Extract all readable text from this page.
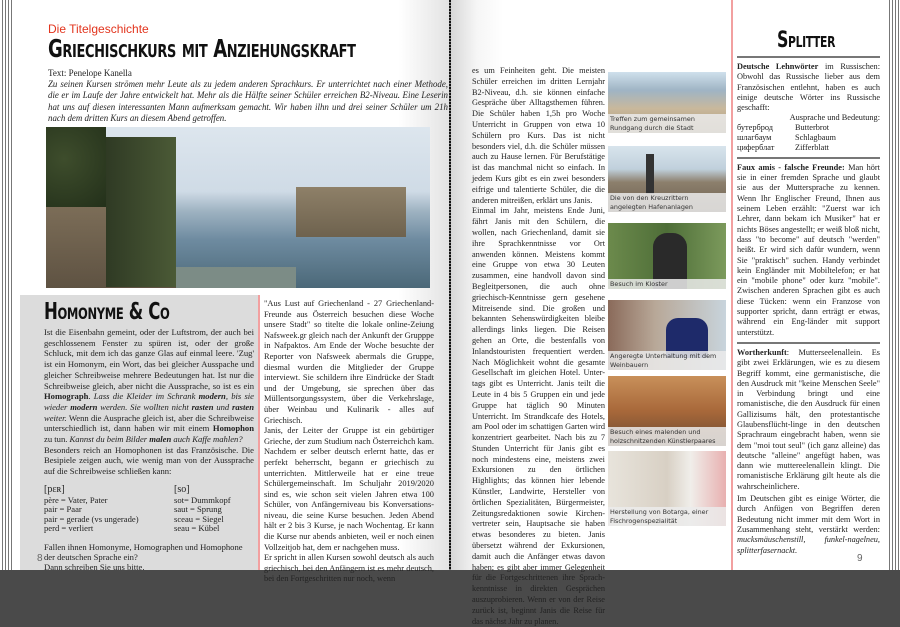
Die Titelgeschichte
Griechischkurs mit Anziehungskraft
Text: Penelope Kanella
Zu seinen Kursen strömen mehr Leute als zu jedem anderen Sprachkurs. Er unterrichtet nach einer Methode, die er im Laufe der Jahre entwickelt hat. Mehr als die Hälfte seiner Schüler erreichen B2-Niveau. Eine Leserin hat uns auf diesen interessanten Mann aufmerksam gemacht. Wir haben ilhn und drei seiner Schüler um 21h nach dem dritten Kurs an diesem Abend getroffen.
Homonyme & Co
Ist die Eisenbahn gemeint, oder der Luftstrom, der auch bei geschlossenem Fenster zu spüren ist, oder der große Schluck, mit dem ich das ganze Glas auf einmal leere. 'Zug' ist ein Homonym, ein Wort, das bei gleicher Ausspache und gleicher Schreibweise mehrere Bedeutungen hat. Ist nur die Schreibweise gleich, aber nicht die Aussprache, so ist es ein Homograph. Lass die Kleider im Schrank modern, bis sie wieder modern werden. Sie wollten nicht rasten und rasten weiter. Wenn die Ausprache gleich ist, aber die Schreibweise unterschiedlich ist, dann haben wir mit einem Homophon zu tun. Kannst du beim Bilder malen auch Kaffe mahlen?
Besonders reich an Homophonen ist das Französische. Die Besipiele zeigen auch, wie wenig man von der Aussprache auf die Schreibweise schließen kann:
[pɛʀ]
père = Vater, Pater
pair = Paar
pair = gerade (vs ungerade)
perd = verliert
[so]
sot= Dummkopf
saut = Sprung
sceau = Siegel
seau = Kübel
Fallen ihnen Homonyme, Homographen und Homophone der deutschen Sprache ein?
Dann schreiben Sie uns bitte.
"Aus Lust auf Griechenland - 27 Griechenland-Freunde aus Österreich besuchen diese Woche unsere Stadt" so titelte die lokale online-Zeiung Nafsweek.gr gleich nach der Ankunft der Grupppe in Nafpaktos. Am Ende der Woche besuchte der Reporter von Nafsweek abermals die Gruppe, diesmal wurden die Mitglieder der Gruppe interviewt. Sie schildern ihre Eindrücke der Stadt und der Umgebung, sie sprechen über das Müllentsorgungssystem, über die Verkehrslage, über Weinbau und Kulinarik - alles auf Griechisch.
Janis, der Leiter der Gruppe ist ein gebürtiger Grieche, der zum Studium nach Österreichch kam. Nachdem er selber deutsch erlernt hatte, das er perfekt beherrscht, begann er griechisch zu unterrichten. Mittlerweile hat er eine treue Schülergemeinschaft. Im Schuljahr 2019/2020 sind es, wie schon seit vielen Jahren etwa 100 Schüler, von Anfängerniveau bis Konversations-niveau, die seine Kurse besuchen. Jeden Abend hält er 2 bis 3 Kurse, je nach Wochentag. Er kann die Kurse nur abends anbieten, weil er noch einen Vollzeitjob hat, dem er nachgehen muss.
Er spricht in allen Kursen sowohl deutsch als auch griechisch, bei den Anfängern ist es mehr deutsch, bei den Fortgeschritten nur noch, wenn
8
es um Feinheiten geht. Die meisten Schüler erreichen im dritten Lernjahr B2-Niveau, d.h. sie können einfache Gespräche über Alltagsthemen führen. Die Schüler haben 1,5h pro Woche Unterricht in Gruppen von etwa 10 Schülern pro Kurs. Das ist nicht besonders viel, d.h. die Schüler müssen auch zu Hause lernen. Für Berufstätige ist das manchmal nicht so einfach. In jedem Kurs gibt es ein zwei besonders eifrige und talentierte Schüler, die die anderen mitreißen, erklärt uns Janis.
Einmal im Jahr, meistens Ende Juni, fährt Janis mit den Schülern, die wollen, nach Griechenland, damit sie ihre Sprachkenntnisse vor Ort anwenden können. Meistens kommt eine Gruppe von etwa 30 Leuten zusammen, eine handvoll davon sind Begleitpersonen, die auch ohne griechisch-Kenntnisse gern gesehene Mitreisende sind. Die großen und bekannten Sehenswürdigkeiten bleibe allerdings links liegen. Die Reisen gehen an Orte, die bestenfalls von Inlandstouristen frequentiert werden. Nach Möglichkeit wohnt die gesamte Gesellschaft im gleichen Hotel. Unter-tags gibt es Unterricht. Janis teilt die Leute in 4 bis 5 Gruppen ein und jede Gruppe hat täglich 90 Minuten Unterricht. Im Strandkcafe des Hotels, am Pool oder im schattigen Garten wird konzentriert gearbeitet. Nach bis zu 7 Stunden Unterricht für Janis gibt es noch mindestens eine, meistens zwei Exkursionen zu den örtlichen Highlights; das können hier lebende Künstler, Landwirte, Hersteller von örtlichen Spezialitäten, Bürgermeister, Zeitungsredaktionen sowie Kirchen-vertreter sein, Hauptsache sie haben etwas besonderes zu bieten. Janis übersetzt während der Exkursionen, damit auch die Anfänger etwas davon haben; es gibt aber immer Gelegenheit für die Fortgeschrittenen ihre Sprach-kenntnisse in direkten Gesprächen auszuprobieren. Wenn er von der Reise zurück ist, beginnt Janis die Reise für das nächst Jahr zu planen.
Treffen zum gemeinsamen Rundgang durch die Stadt
Die von den Kreuzrittern angelegten Hafenanlagen
Besuch im Kloster
Angeregte Unterhaltung mit dem Weinbauern
Besuch eines malenden und holzschnitzenden Künstlerpaares
Herstellung von Botarga, einer Fischrogenspezialität
Splitter
Deutsche Lehnwörter im Russischen: Obwohl das Russische lieber aus dem Französischen entlehnt, haben es auch einige deutsche Wörter ins Russische geschafft:
Ausprache und Bedeutung:
бутерброд	Butterbrot
шлагбаум	Schlagbaum
циферблат	Zifferblatt
Faux amis - falsche Freunde: Man hört sie in einer fremden Sprache und glaubt sie aus der Muttersprache zu kennen. Wenn Ihr Englischer Freund, Ihnen aus seinem Leben erzählt: "Zuerst war ich Lehrer, dann bekam ich Musiker" hat er nichts Böses angestellt; er weiß bloß nicht, dass "to become" auf deutsch "werden" heißt. Er wird sich dafür wundern, wenn Sie "praktisch" suchen. Handy verbindet kein Engländer mit Mobiltelefon; er hat ein "mobile phone" oder kurz "mobile". Zwischen anderen Sprachen gibt es auch diese Tücken: wenn ein Franzose von supporter spricht, dann erträgt er etwas, während ein Eng-länder mit support unterstützt.
Wortherkunft: Mutterseelenallein. Es gibt zwei Erklärungen, wie es zu diesem Begriff kommt, eine germanistische, die den Ausdruck mit "keine Menschen Seele" in Verbindung bringt und eine romanistische, die den Ausdruck für einen Gallizisums hält, den protestantische Glaubensflücht-linge in den deutschen Sprachraum eingebracht haben, wenn sie dem "moi tout seul" (ich ganz alleine) das deutsche "alleine" angefügt haben, was dann wie muttereelenallein klingt. Die romanistische Erklärung gilt heute als die wahrscheinlichere.
Im Deutschen gibt es einige Wörter, die durch Anfügen von Begriffen deren Bedeutung nicht immer mit dem Wort in Zusammenhang steht, verstärkt werden: mucksmäuschenstill, funkel-nagelneu, splitterfasernackt.
9
